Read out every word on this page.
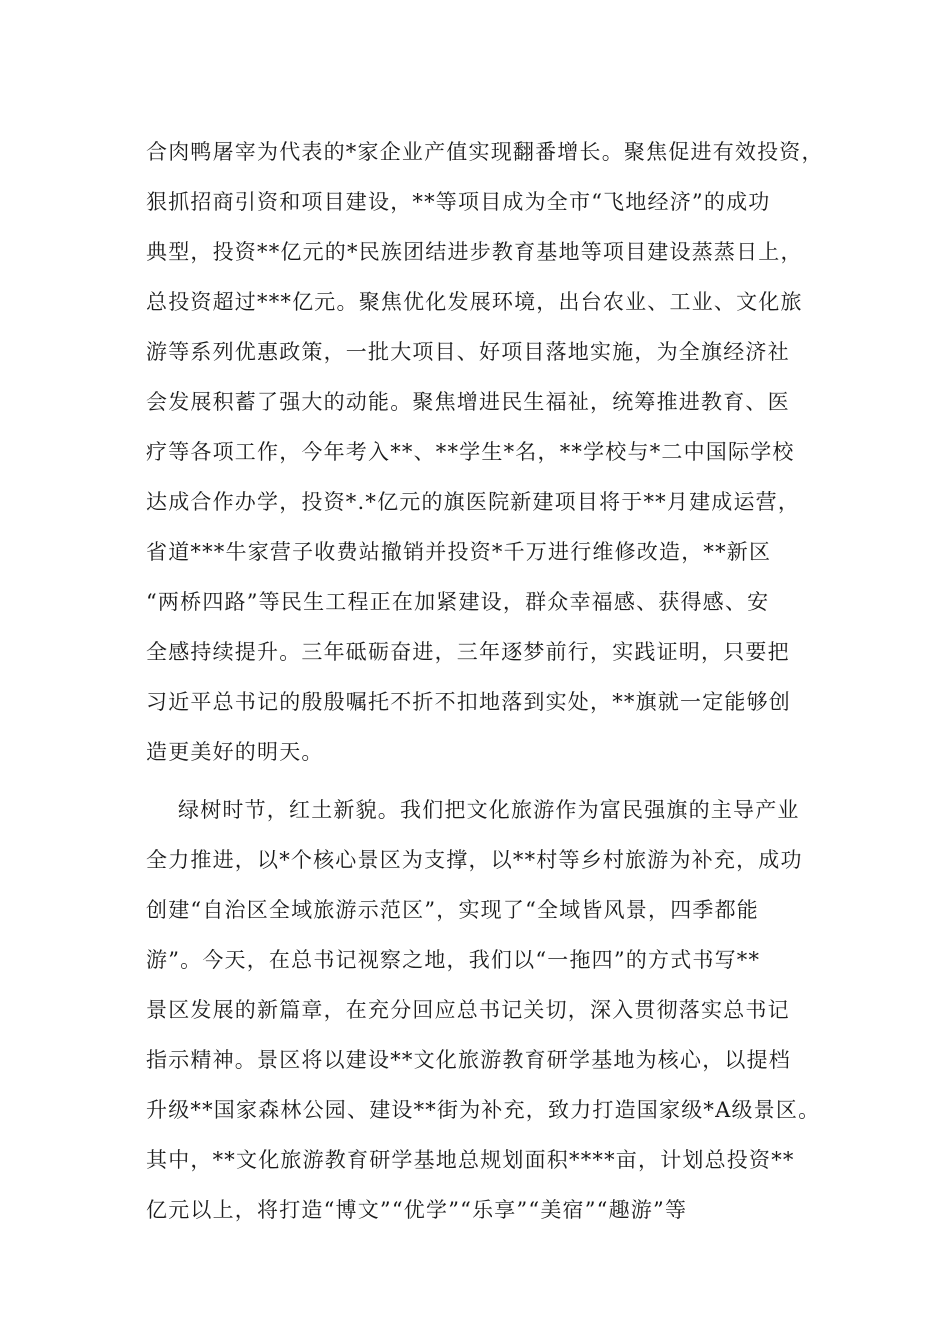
合肉鸭屠宰为代表的*家企业产值实现翻番增长。聚焦促进有效投资，
狠抓招商引资和项目建设，**等项目成为全市“飞地经济”的成功
典型，投资**亿元的*民族团结进步教育基地等项目建设蒸蒸日上，
总投资超过***亿元。聚焦优化发展环境，出台农业、工业、文化旅
游等系列优惠政策，一批大项目、好项目落地实施，为全旗经济社
会发展积蓄了强大的动能。聚焦增进民生福祉，统筹推进教育、医
疗等各项工作，今年考入**、**学生*名，**学校与*二中国际学校
达成合作办学，投资*.*亿元的旗医院新建项目将于**月建成运营，
省道***牛家营子收费站撤销并投资*千万进行维修改造，**新区
“两桥四路”等民生工程正在加紧建设，群众幸福感、获得感、安
全感持续提升。三年砥砺奋进，三年逐梦前行，实践证明，只要把
习近平总书记的殷殷嘱托不折不扣地落到实处，**旗就一定能够创
造更美好的明天。
绿树时节，红土新貌。我们把文化旅游作为富民强旗的主导产业
全力推进，以*个核心景区为支撑，以**村等乡村旅游为补充，成功
创建“自治区全域旅游示范区”，实现了“全域皆风景，四季都能
游”。今天，在总书记视察之地，我们以“一拖四”的方式书写**
景区发展的新篇章，在充分回应总书记关切，深入贯彻落实总书记
指示精神。景区将以建设**文化旅游教育研学基地为核心，以提档
升级**国家森林公园、建设**街为补充，致力打造国家级*A级景区。
其中，**文化旅游教育研学基地总规划面积****亩，计划总投资**
亿元以上，将打造“博文”“优学”“乐享”“美宿”“趣游”等
